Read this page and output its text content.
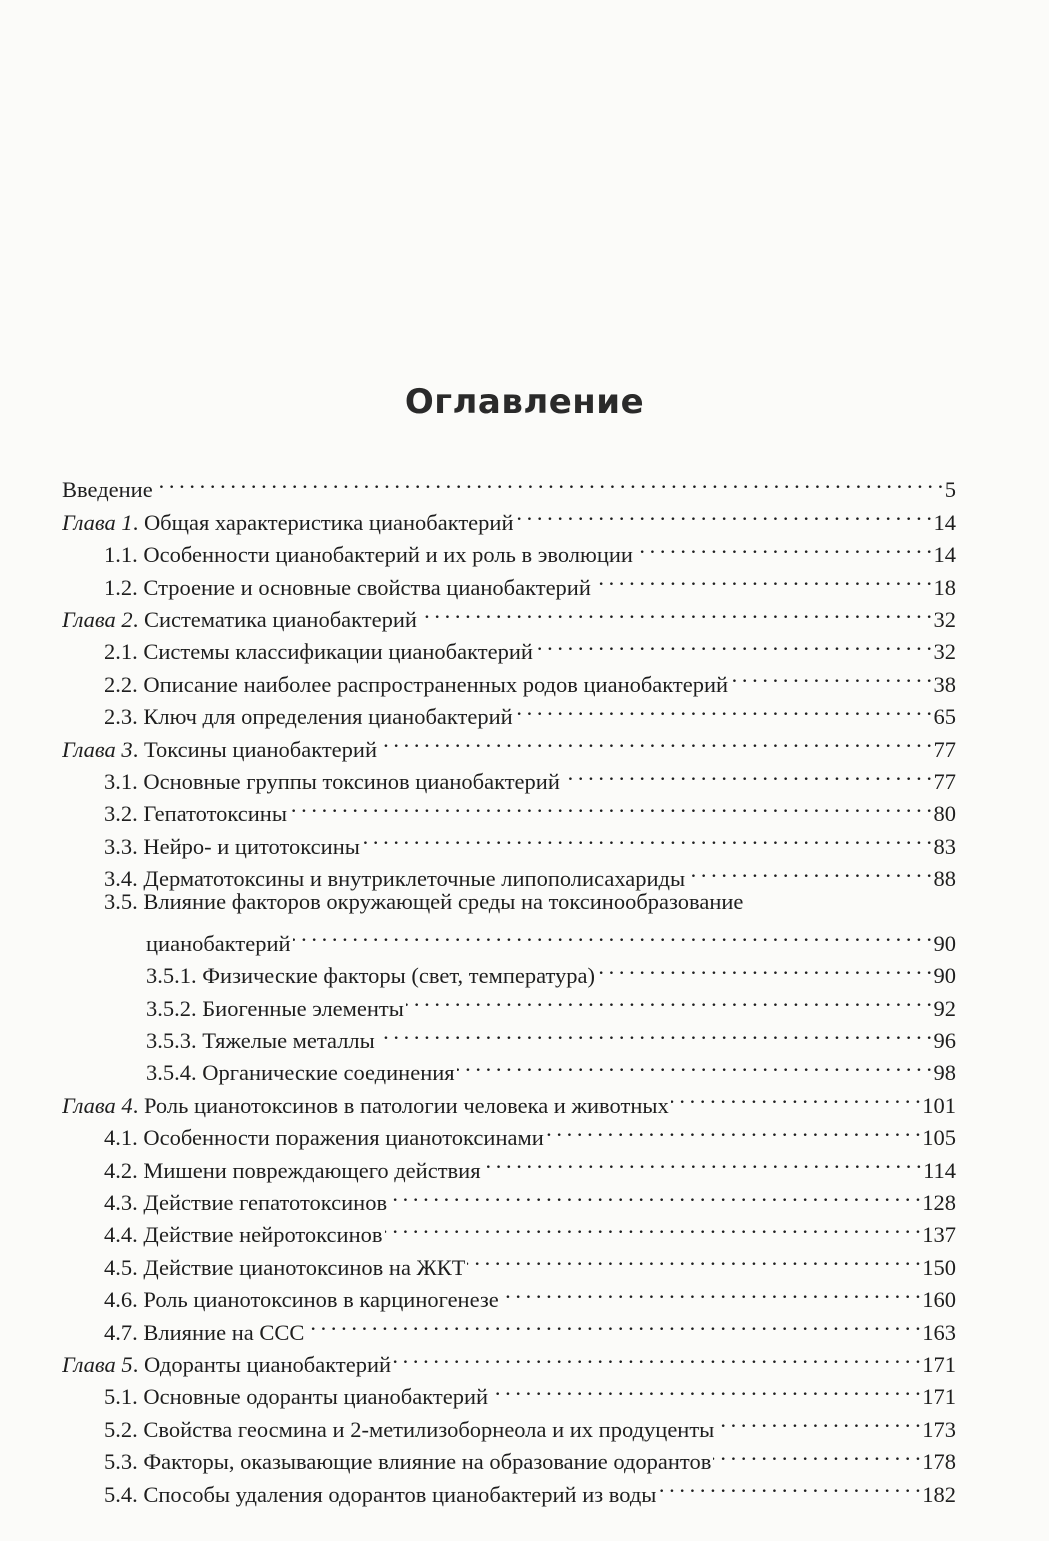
Оглавление
Введение . . .	5
Глава 1. Общая характеристика цианобактерий . . .	14
1.1. Особенности цианобактерий и их роль в эволюции . . .	14
1.2. Строение и основные свойства цианобактерий . . .	18
Глава 2. Систематика цианобактерий . . .	32
2.1. Системы классификации цианобактерий . . .	32
2.2. Описание наиболее распространенных родов цианобактерий . . .	38
2.3. Ключ для определения цианобактерий . . .	65
Глава 3. Токсины цианобактерий . . .	77
3.1. Основные группы токсинов цианобактерий . . .	77
3.2. Гепатотоксины . . .	80
3.3. Нейро- и цитотоксины . . .	83
3.4. Дерматотоксины и внутриклеточные липополисахариды . . .	88
3.5. Влияние факторов окружающей среды на токсинообразование
цианобактерий . . .	90
3.5.1. Физические факторы (свет, температура) . . .	90
3.5.2. Биогенные элементы . . .	92
3.5.3. Тяжелые металлы . . .	96
3.5.4. Органические соединения . . .	98
Глава 4. Роль цианотоксинов в патологии человека и животных . . .	101
4.1. Особенности поражения цианотоксинами . . .	105
4.2. Мишени повреждающего действия . . .	114
4.3. Действие гепатотоксинов . . .	128
4.4. Действие нейротоксинов . . .	137
4.5. Действие цианотоксинов на ЖКТ . . .	150
4.6. Роль цианотоксинов в карциногенезе . . .	160
4.7. Влияние на ССС . . .	163
Глава 5. Одоранты цианобактерий . . .	171
5.1. Основные одоранты цианобактерий . . .	171
5.2. Свойства геосмина и 2-метилизоборнеола и их продуценты . . .	173
5.3. Факторы, оказывающие влияние на образование одорантов . . .	178
5.4. Способы удаления одорантов цианобактерий из воды . . .	182
